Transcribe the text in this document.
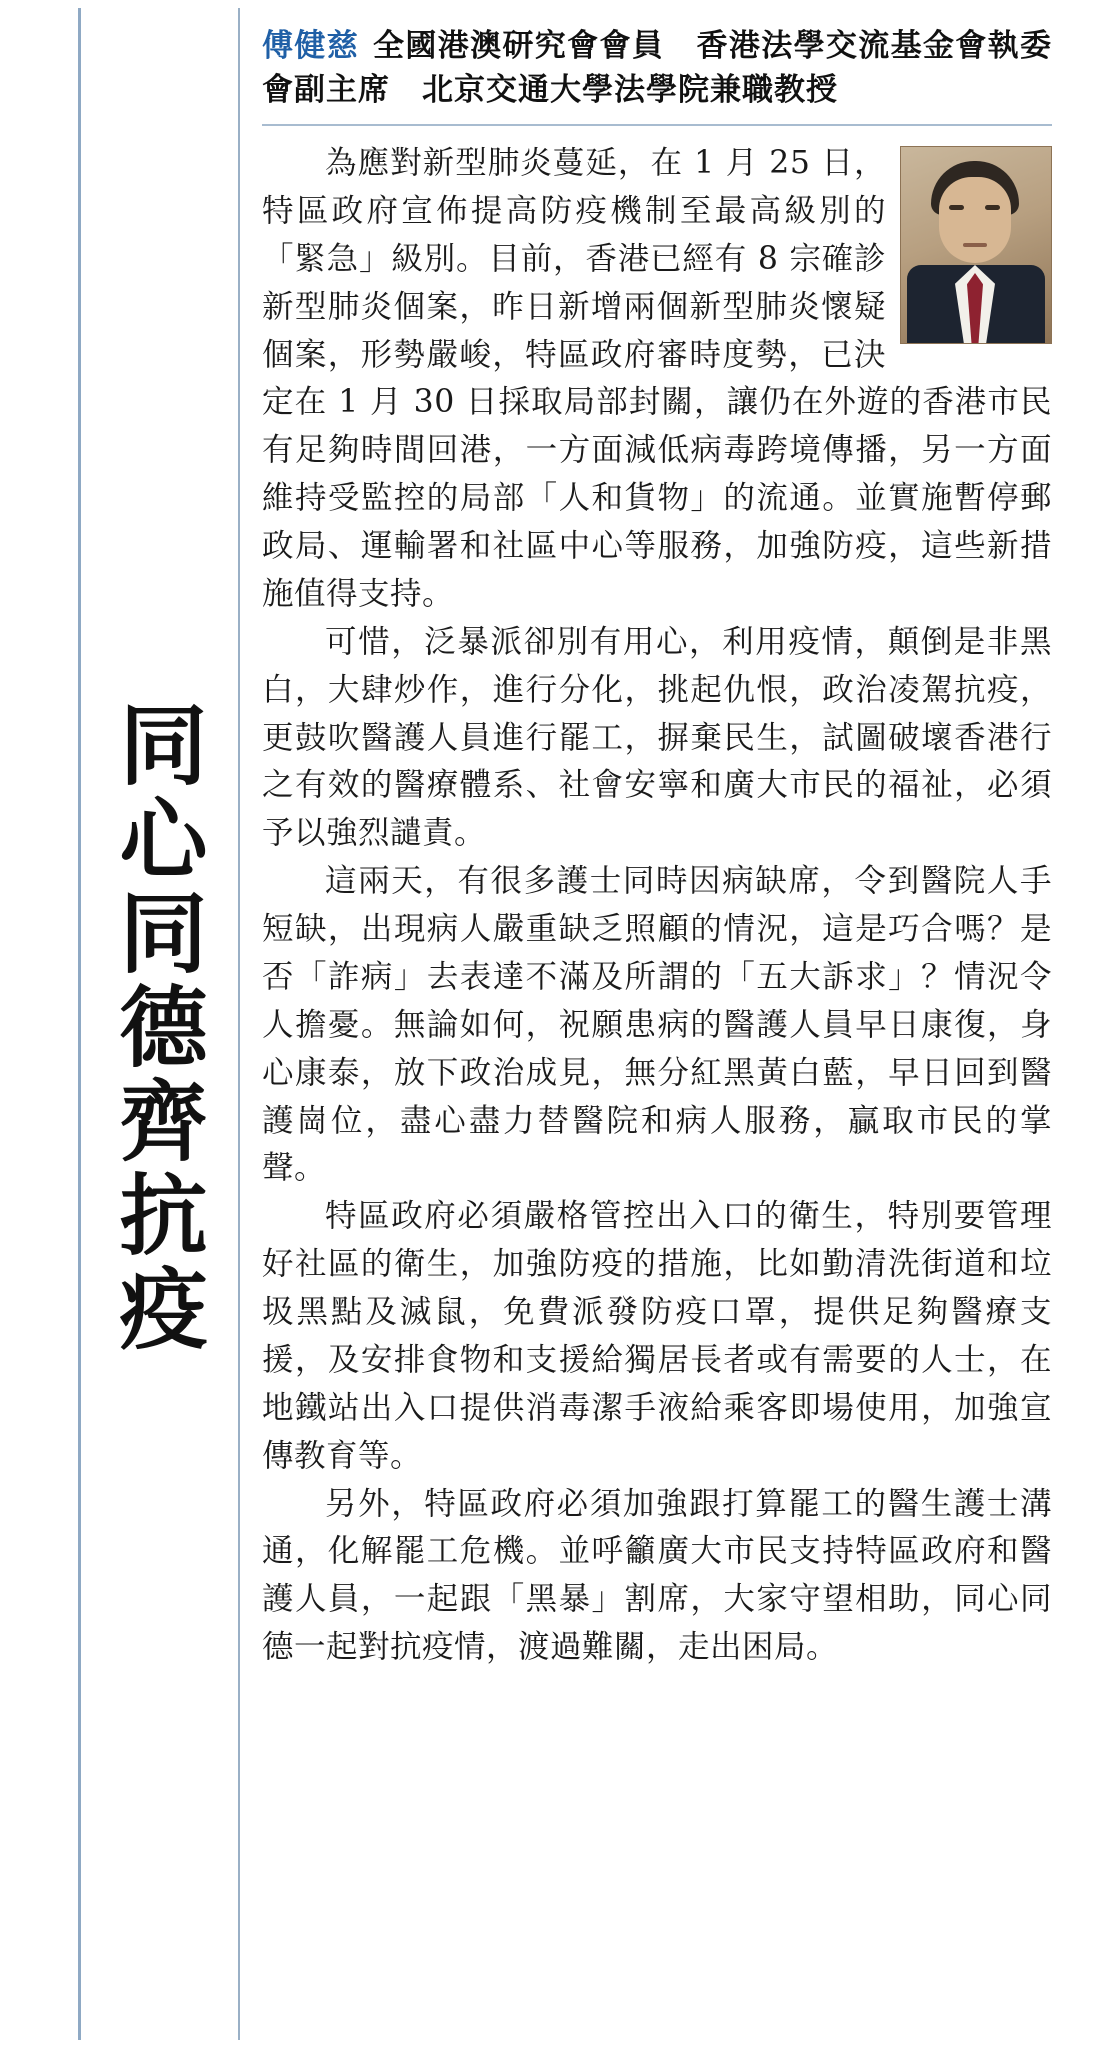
同心同德齊抗疫
傅健慈 全國港澳研究會會員　香港法學交流基金會執委會副主席　北京交通大學法學院兼職教授

為應對新型肺炎蔓延，在 1 月 25 日，特區政府宣佈提高防疫機制至最高級別的「緊急」級別。目前，香港已經有 8 宗確診新型肺炎個案，昨日新增兩個新型肺炎懷疑個案，形勢嚴峻，特區政府審時度勢，已決定在 1 月 30 日採取局部封關，讓仍在外遊的香港市民有足夠時間回港，一方面減低病毒跨境傳播，另一方面維持受監控的局部「人和貨物」的流通。並實施暫停郵政局、運輸署和社區中心等服務，加強防疫，這些新措施值得支持。

可惜，泛暴派卻別有用心，利用疫情，顛倒是非黑白，大肆炒作，進行分化，挑起仇恨，政治凌駕抗疫，更鼓吹醫護人員進行罷工，摒棄民生，試圖破壞香港行之有效的醫療體系、社會安寧和廣大市民的福祉，必須予以強烈譴責。

這兩天，有很多護士同時因病缺席，令到醫院人手短缺，出現病人嚴重缺乏照顧的情況，這是巧合嗎？是否「詐病」去表達不滿及所謂的「五大訴求」？情況令人擔憂。無論如何，祝願患病的醫護人員早日康復，身心康泰，放下政治成見，無分紅黑黃白藍，早日回到醫護崗位，盡心盡力替醫院和病人服務，贏取市民的掌聲。

特區政府必須嚴格管控出入口的衛生，特別要管理好社區的衛生，加強防疫的措施，比如勤清洗街道和垃圾黑點及滅鼠，免費派發防疫口罩，提供足夠醫療支援，及安排食物和支援給獨居長者或有需要的人士，在地鐵站出入口提供消毒潔手液給乘客即場使用，加強宣傳教育等。

另外，特區政府必須加強跟打算罷工的醫生護士溝通，化解罷工危機。並呼籲廣大市民支持特區政府和醫護人員，一起跟「黑暴」割席，大家守望相助，同心同德一起對抗疫情，渡過難關，走出困局。
